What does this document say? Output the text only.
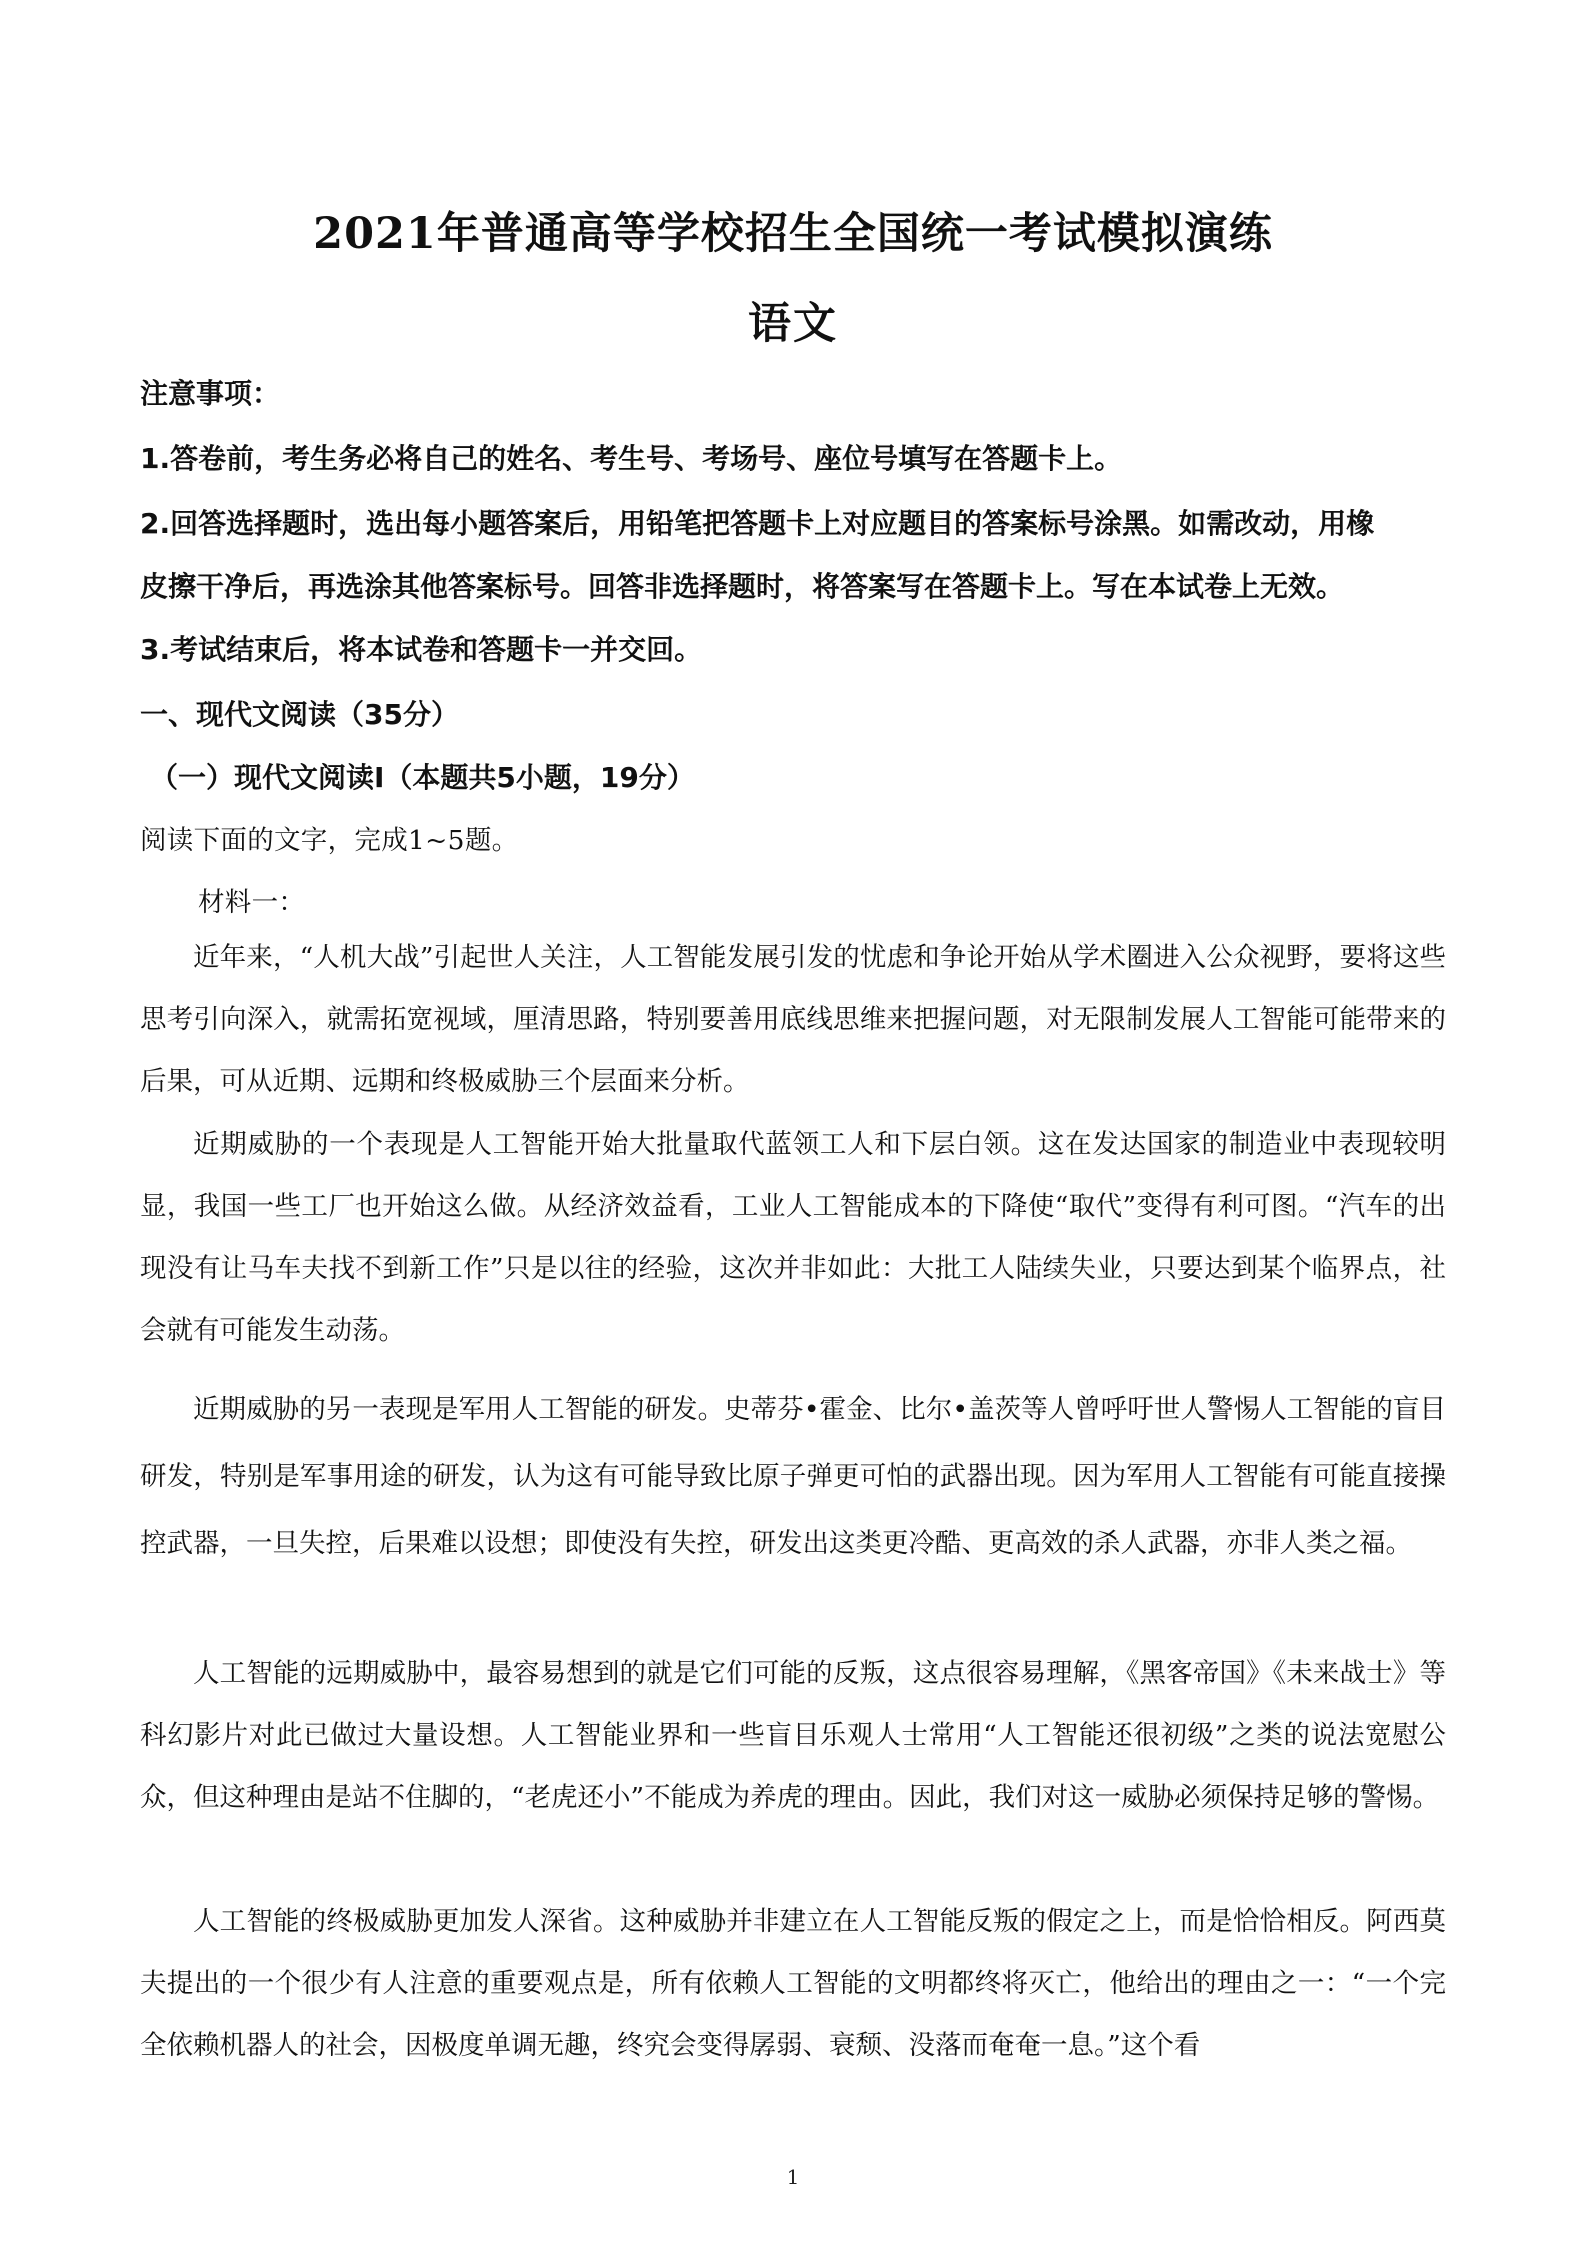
2021年普通高等学校招生全国统一考试模拟演练
语文
注意事项：
1.答卷前，考生务必将自己的姓名、考生号、考场号、座位号填写在答题卡上。
2.回答选择题时，选出每小题答案后，用铅笔把答题卡上对应题目的答案标号涂黑。如需改动，用橡
皮擦干净后，再选涂其他答案标号。回答非选择题时，将答案写在答题卡上。写在本试卷上无效。
3.考试结束后，将本试卷和答题卡一并交回。
一、现代文阅读（35分）
（一）现代文阅读Ⅰ（本题共5小题，19分）
阅读下面的文字，完成1~5题。
材料一：

近年来，“人机大战”引起世人关注，人工智能发展引发的忧虑和争论开始从学术圈进入公众视野，要将这些思考引向深入，就需拓宽视域，厘清思路，特别要善用底线思维来把握问题，对无限制发展人工智能可能带来的后果，可从近期、远期和终极威胁三个层面来分析。

近期威胁的一个表现是人工智能开始大批量取代蓝领工人和下层白领。这在发达国家的制造业中表现较明显，我国一些工厂也开始这么做。从经济效益看，工业人工智能成本的下降使“取代”变得有利可图。“汽车的出现没有让马车夫找不到新工作”只是以往的经验，这次并非如此：大批工人陆续失业，只要达到某个临界点，社会就有可能发生动荡。

近期威胁的另一表现是军用人工智能的研发。史蒂芬•霍金、比尔•盖茨等人曾呼吁世人警惕人工智能的盲目研发，特别是军事用途的研发，认为这有可能导致比原子弹更可怕的武器出现。因为军用人工智能有可能直接操控武器，一旦失控，后果难以设想；即使没有失控，研发出这类更冷酷、更高效的杀人武器，亦非人类之福。

人工智能的远期威胁中，最容易想到的就是它们可能的反叛，这点很容易理解，《黑客帝国》《未来战士》等科幻影片对此已做过大量设想。人工智能业界和一些盲目乐观人士常用“人工智能还很初级”之类的说法宽慰公众，但这种理由是站不住脚的，“老虎还小”不能成为养虎的理由。因此，我们对这一威胁必须保持足够的警惕。

人工智能的终极威胁更加发人深省。这种威胁并非建立在人工智能反叛的假定之上，而是恰恰相反。阿西莫夫提出的一个很少有人注意的重要观点是，所有依赖人工智能的文明都终将灭亡，他给出的理由之一：“一个完全依赖机器人的社会，因极度单调无趣，终究会变得孱弱、衰颓、没落而奄奄一息。”这个看

1
